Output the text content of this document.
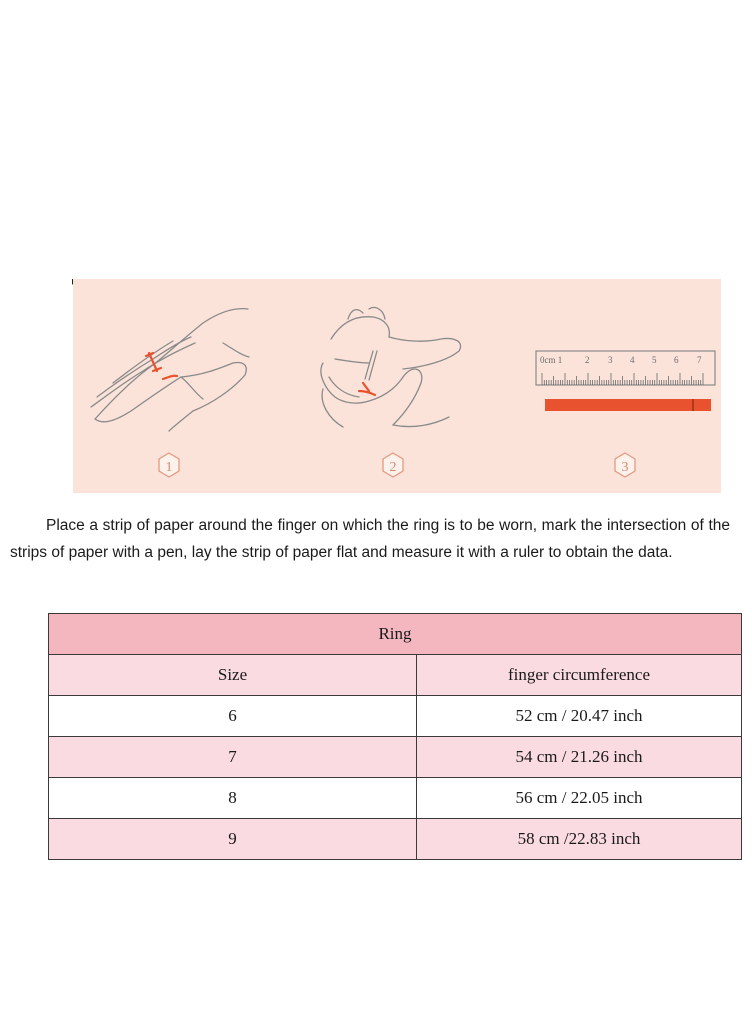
0cm 1	2 3 4 5 6 7
1	2	3

Place a strip of paper around the finger on which the ring is to be worn, mark the intersection of the strips of paper with a pen, lay the strip of paper flat and measure it with a ruler to obtain the data.

Ring	
Size	finger circumference
6	52 cm / 20.47 inch
7	54 cm / 21.26 inch
8	56 cm / 22.05 inch
9	58 cm /22.83 inch
